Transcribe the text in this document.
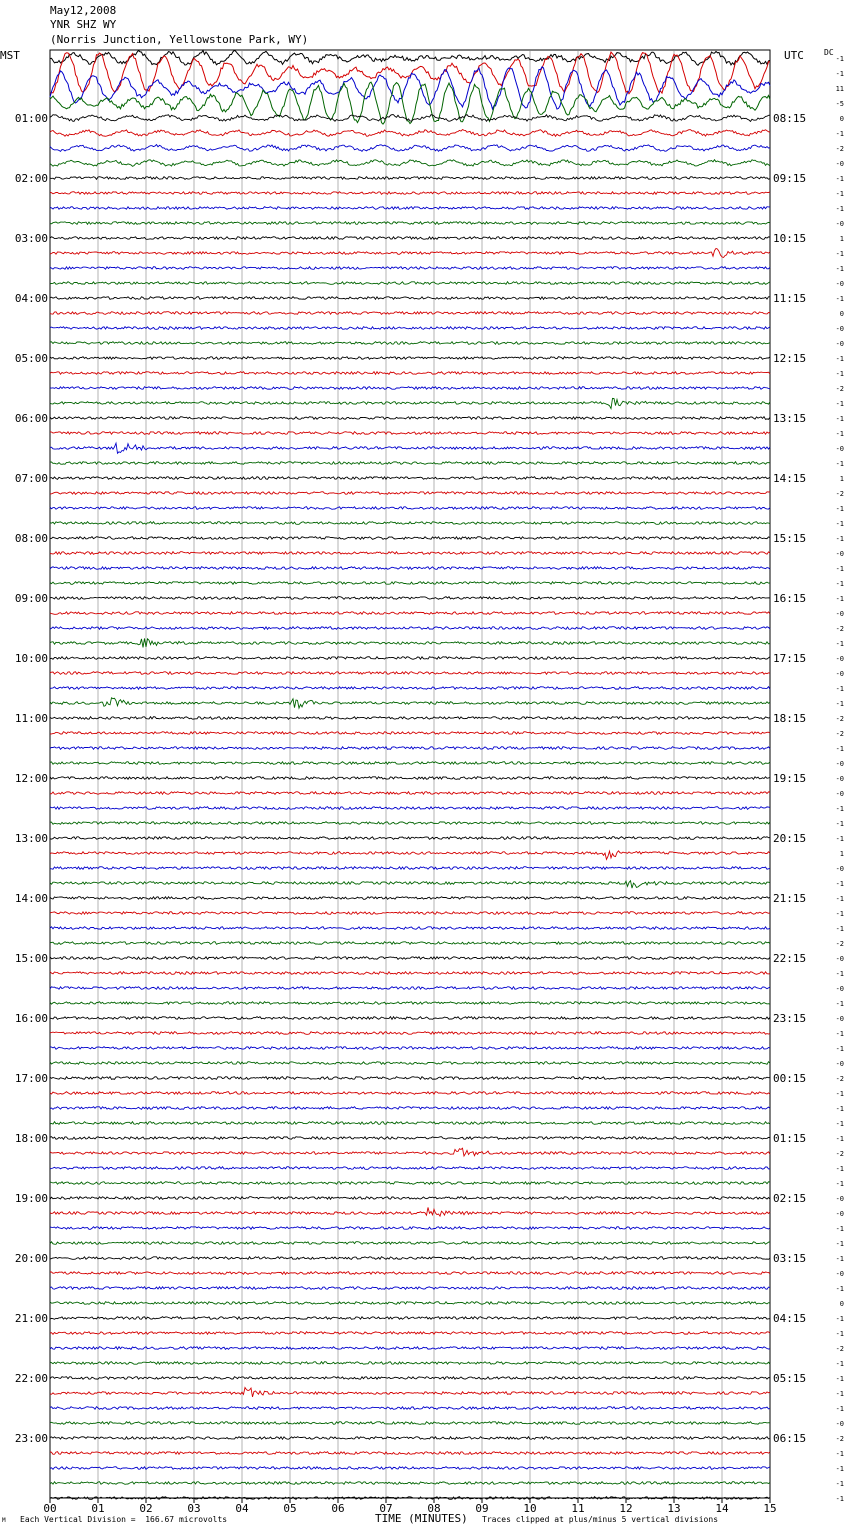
00	01	02	03	04	05	06	07	08	09	10	11	12	13	14	15
01:00
02:00
03:00
04:00
05:00
06:00
07:00
08:00
09:00
10:00
11:00
12:00
13:00
14:00
15:00
16:00
17:00
18:00
19:00
20:00
21:00
22:00
23:00
08:15
09:15
10:15
11:15
12:15
13:15
14:15
15:15
16:15
17:15
18:15
19:15
20:15
21:15
22:15
23:15
00:15
01:15
02:15
03:15
04:15
05:15
06:15
-1
-1
11
-5
0
-1
-2
-0
-1
-1
-1
-0
1
-1
-1
-0
-1
0
-0
-0
-1
-1
-2
-1
-1
-1
-0
-1
1
-2
-1
-1
-1
-0
-1
-1
-1
-0
-2
-1
-0
-0
-1
-1
-2
-2
-1
-0
-0
-0
-1
-1
-1
1
-0
-1
-1
-1
-1
-2
-0
-1
-0
-1
-0
-1
-1
-0
-2
-1
-1
-1
-1
-2
-1
-1
-0
-0
-1
-1
-1
-0
-1
0
-1
-1
-2
-1
-1
-1
-1
-0
-2
-1
-1
-1
-1
May12,2008
YNR SHZ WY
(Norris Junction, Yellowstone Park, WY)
MST	UTC	DC
TIME (MINUTES)
M Each Vertical Division =  166.67 microvolts	Traces clipped at plus/minus 5 vertical divisions
